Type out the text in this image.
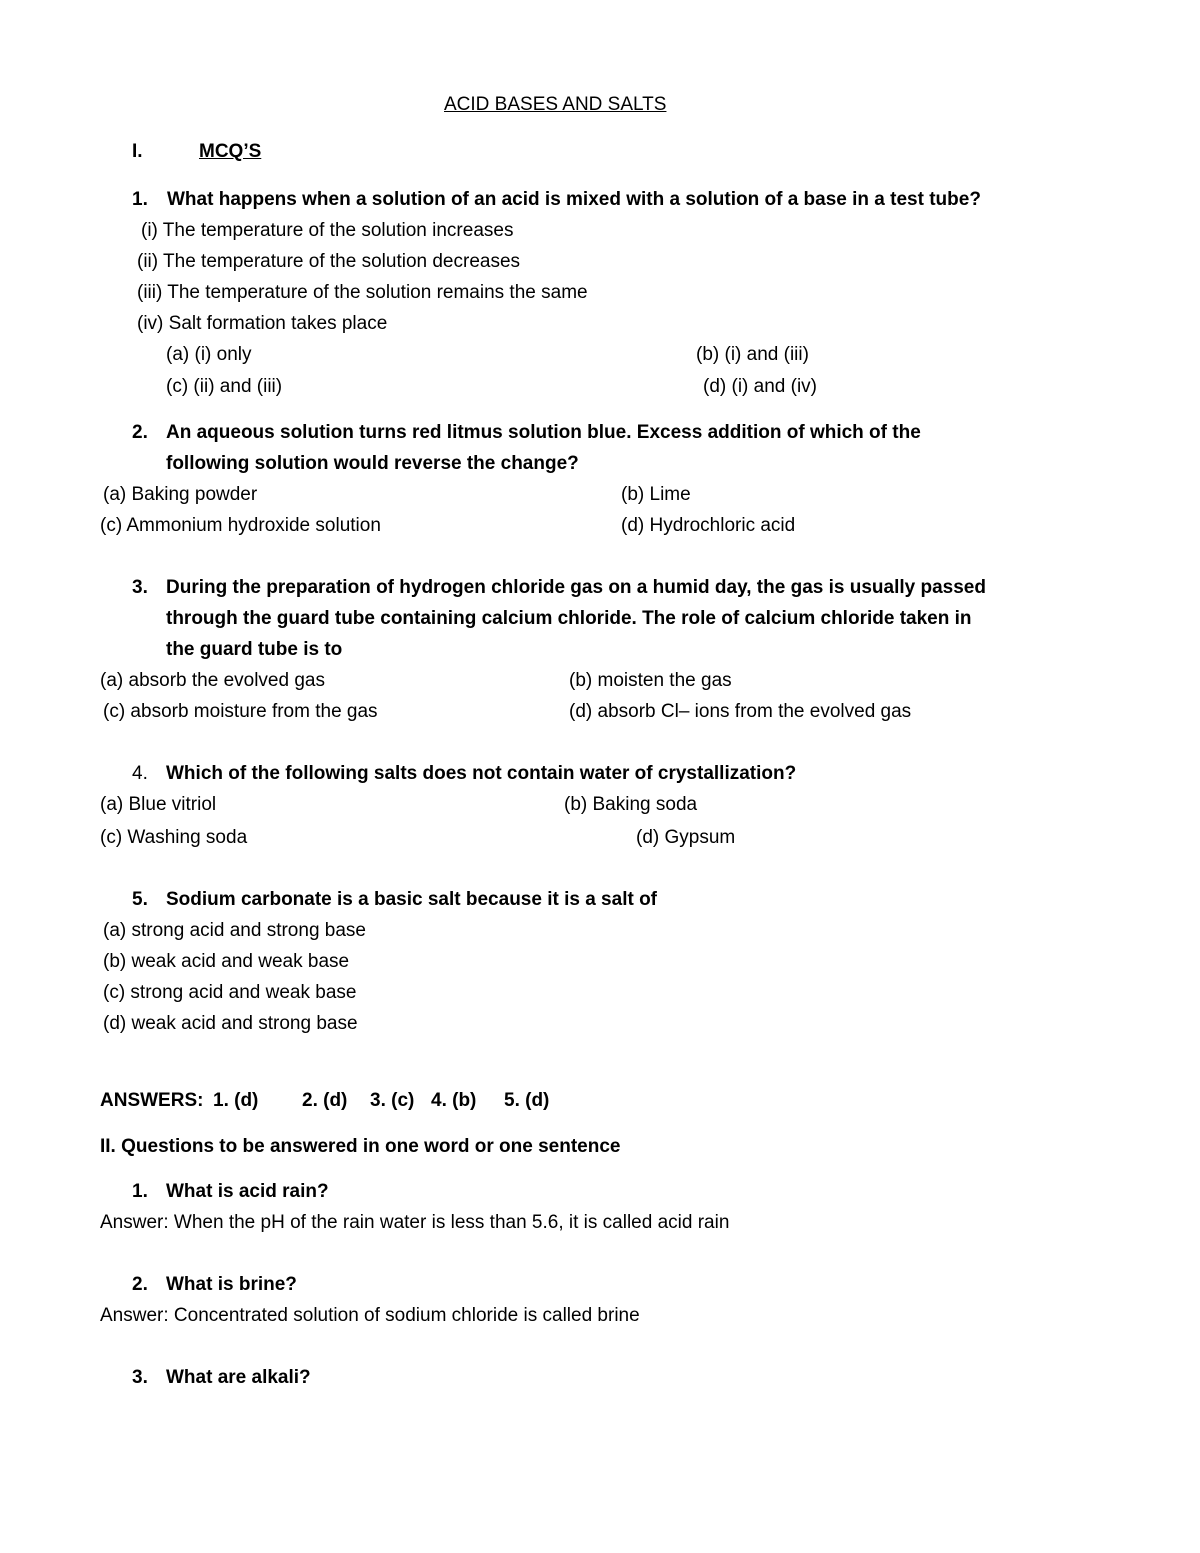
ACID BASES AND SALTS
I.	MCQ’S
1. What happens when a solution of an acid is mixed with a solution of a base in a test tube?
(i) The temperature of the solution increases
(ii) The temperature of the solution decreases
(iii) The temperature of the solution remains the same
(iv) Salt formation takes place
(a) (i) only	(b) (i) and (iii)
(c) (ii) and (iii)	(d) (i) and (iv)
2. An aqueous solution turns red litmus solution blue. Excess addition of which of the
following solution would reverse the change?
(a) Baking powder	(b) Lime
(c) Ammonium hydroxide solution	(d) Hydrochloric acid
3. During the preparation of hydrogen chloride gas on a humid day, the gas is usually passed
through the guard tube containing calcium chloride. The role of calcium chloride taken in
the guard tube is to
(a) absorb the evolved gas	(b) moisten the gas
(c) absorb moisture from the gas	(d) absorb Cl– ions from the evolved gas
4. Which of the following salts does not contain water of crystallization?
(a) Blue vitriol	(b) Baking soda
(c) Washing soda	(d) Gypsum
5. Sodium carbonate is a basic salt because it is a salt of
(a) strong acid and strong base
(b) weak acid and weak base
(c) strong acid and weak base
(d) weak acid and strong base
ANSWERS: 1. (d) 2. (d) 3. (c) 4. (b) 5. (d)
II. Questions to be answered in one word or one sentence
1. What is acid rain?
Answer: When the pH of the rain water is less than 5.6, it is called acid rain
2. What is brine?
Answer: Concentrated solution of sodium chloride is called brine
3. What are alkali?
